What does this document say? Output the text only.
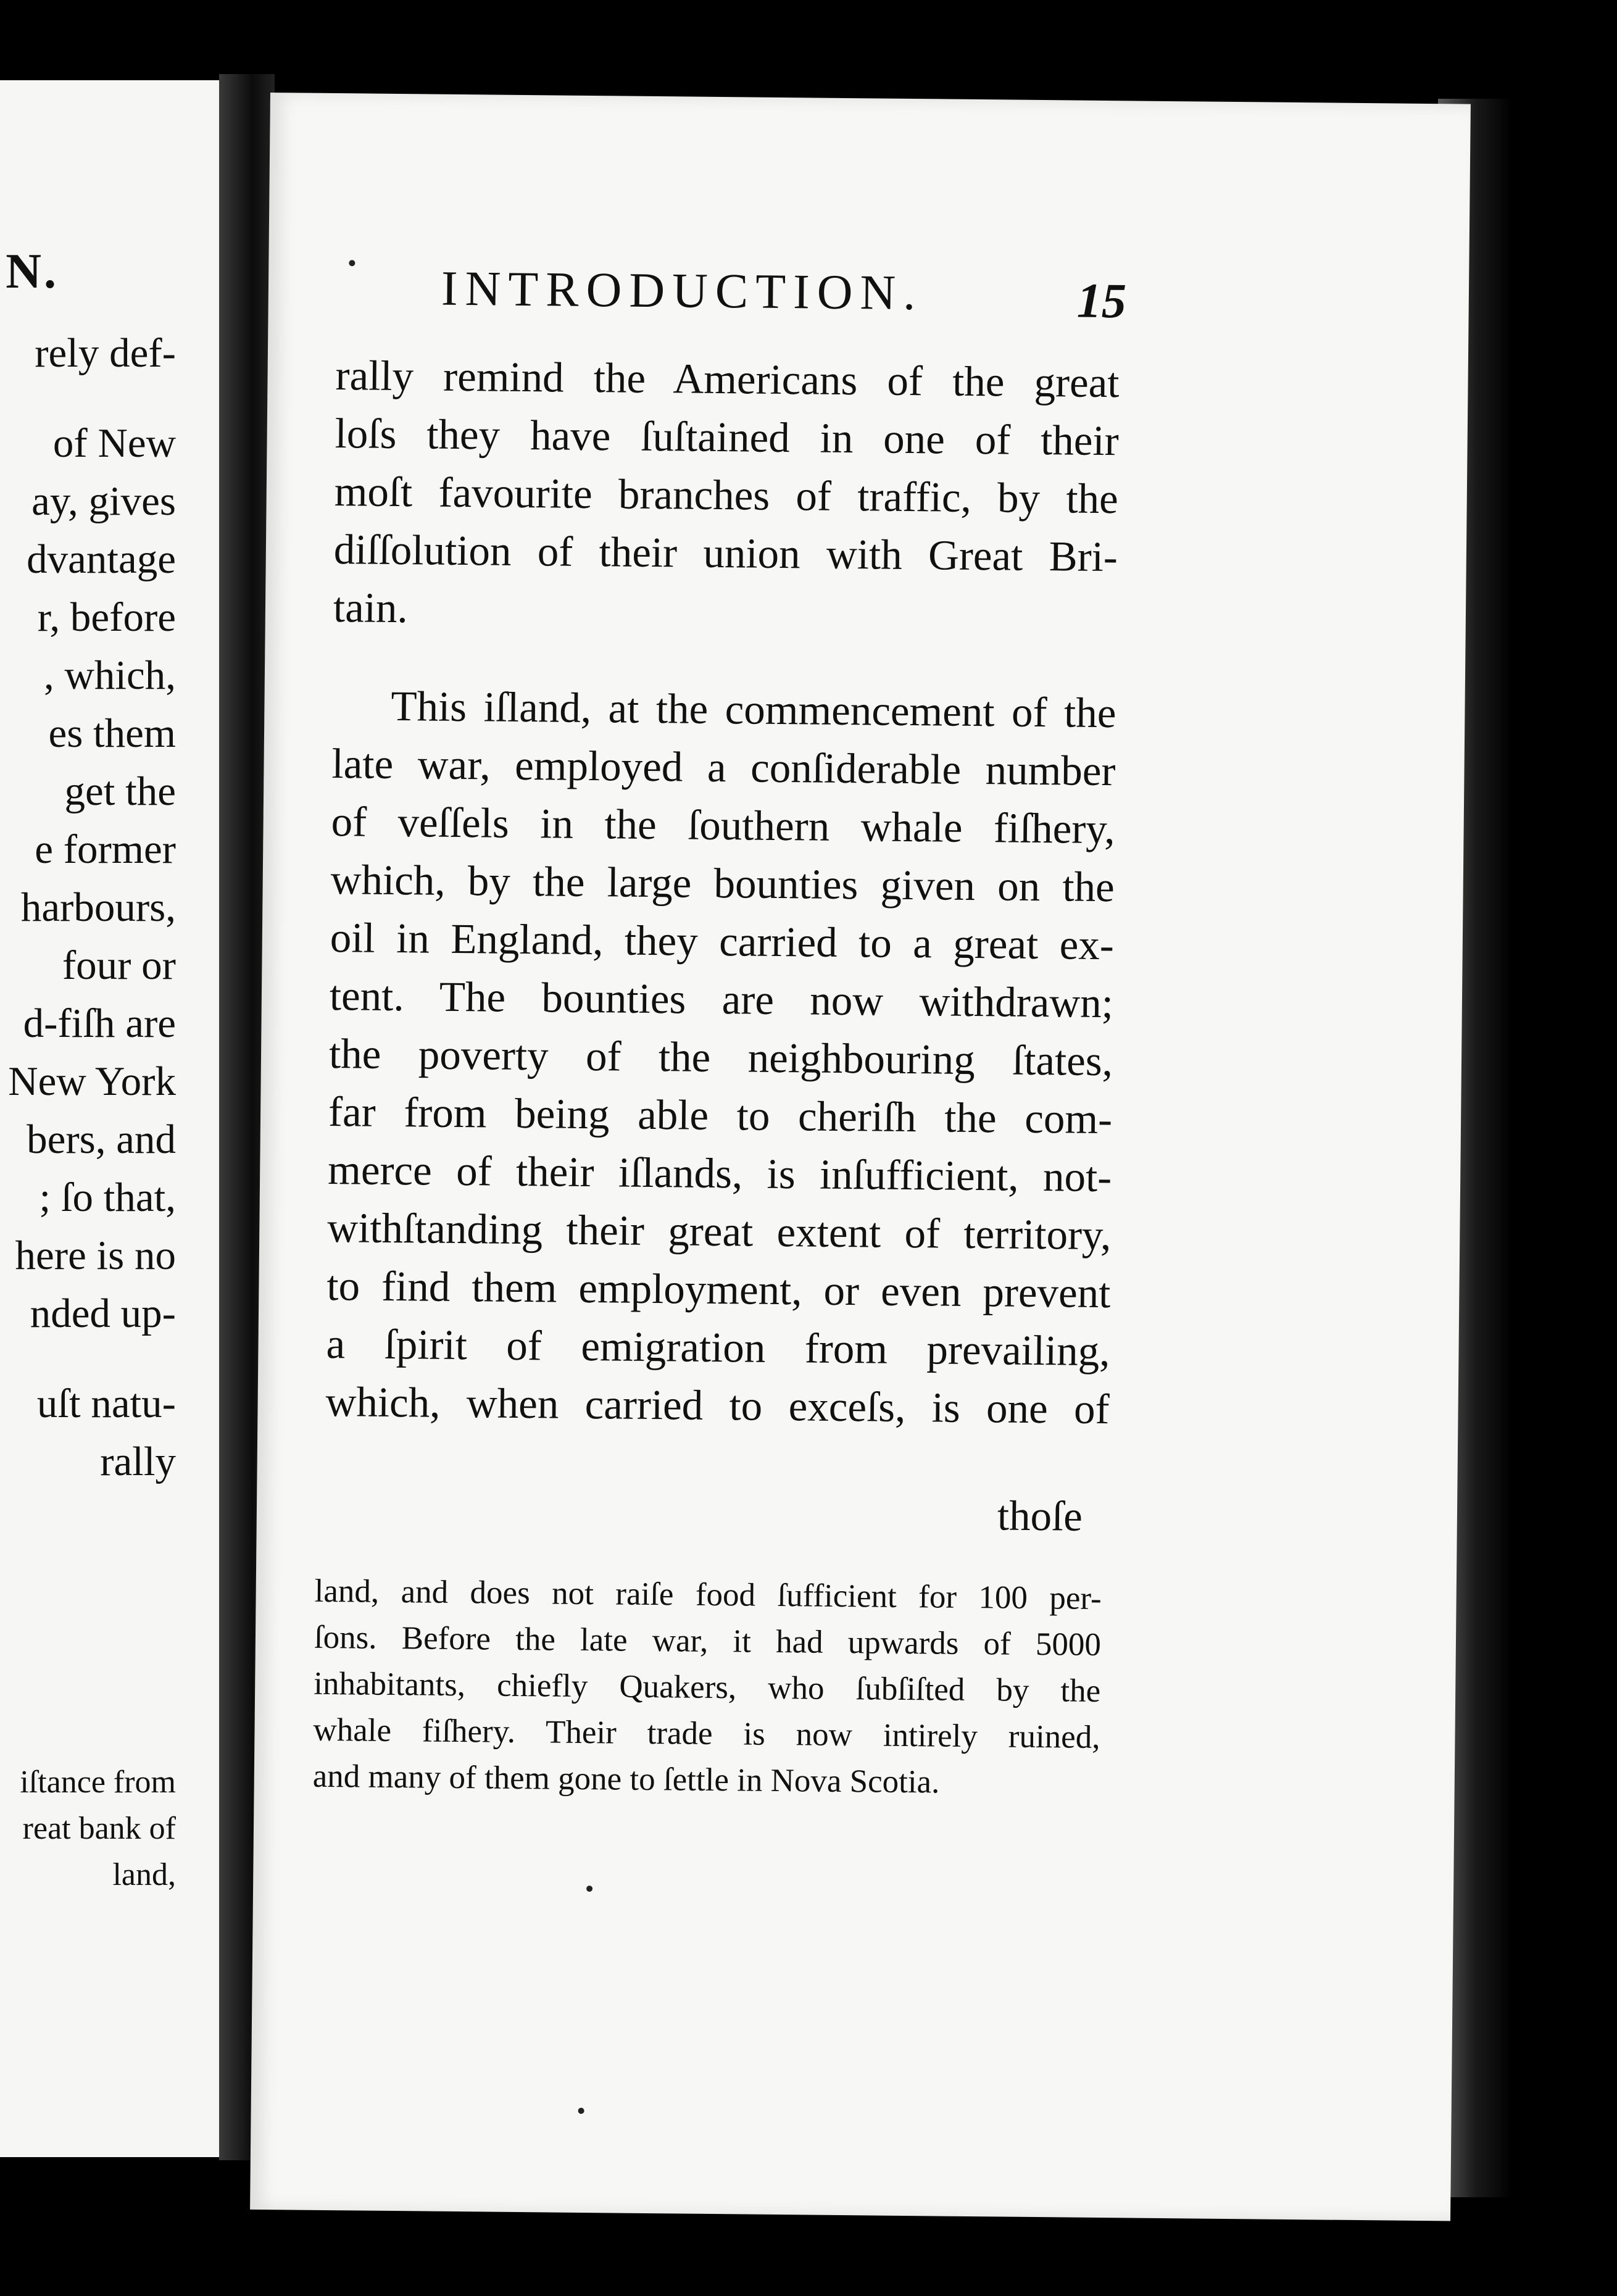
N.
rely def-
of New
ay, gives
dvantage
r, before
, which,
es them
get the
e former
harbours,
four or
d-fiſh are
New York
bers, and
; ſo that,
here is no
nded up-
uſt natu-
rally
iſtance from
reat bank of
land,
INTRODUCTION.	15
rally remind the Americans of the great
loſs they have ſuſtained in one of their
moſt favourite branches of traffic, by the
diſſolution of their union with Great Bri-
tain.
This iſland, at the commencement of the
late war, employed a conſiderable number
of veſſels in the ſouthern whale fiſhery,
which, by the large bounties given on the
oil in England, they carried to a great ex-
tent. The bounties are now withdrawn;
the poverty of the neighbouring ſtates,
far from being able to cheriſh the com-
merce of their iſlands, is inſufficient, not-
withſtanding their great extent of territory,
to find them employment, or even prevent
a ſpirit of emigration from prevailing,
which, when carried to exceſs, is one of
thoſe
land, and does not raiſe food ſufficient for 100 per-
ſons. Before the late war, it had upwards of 5000
inhabitants, chiefly Quakers, who ſubſiſted by the
whale fiſhery. Their trade is now intirely ruined,
and many of them gone to ſettle in Nova Scotia.
